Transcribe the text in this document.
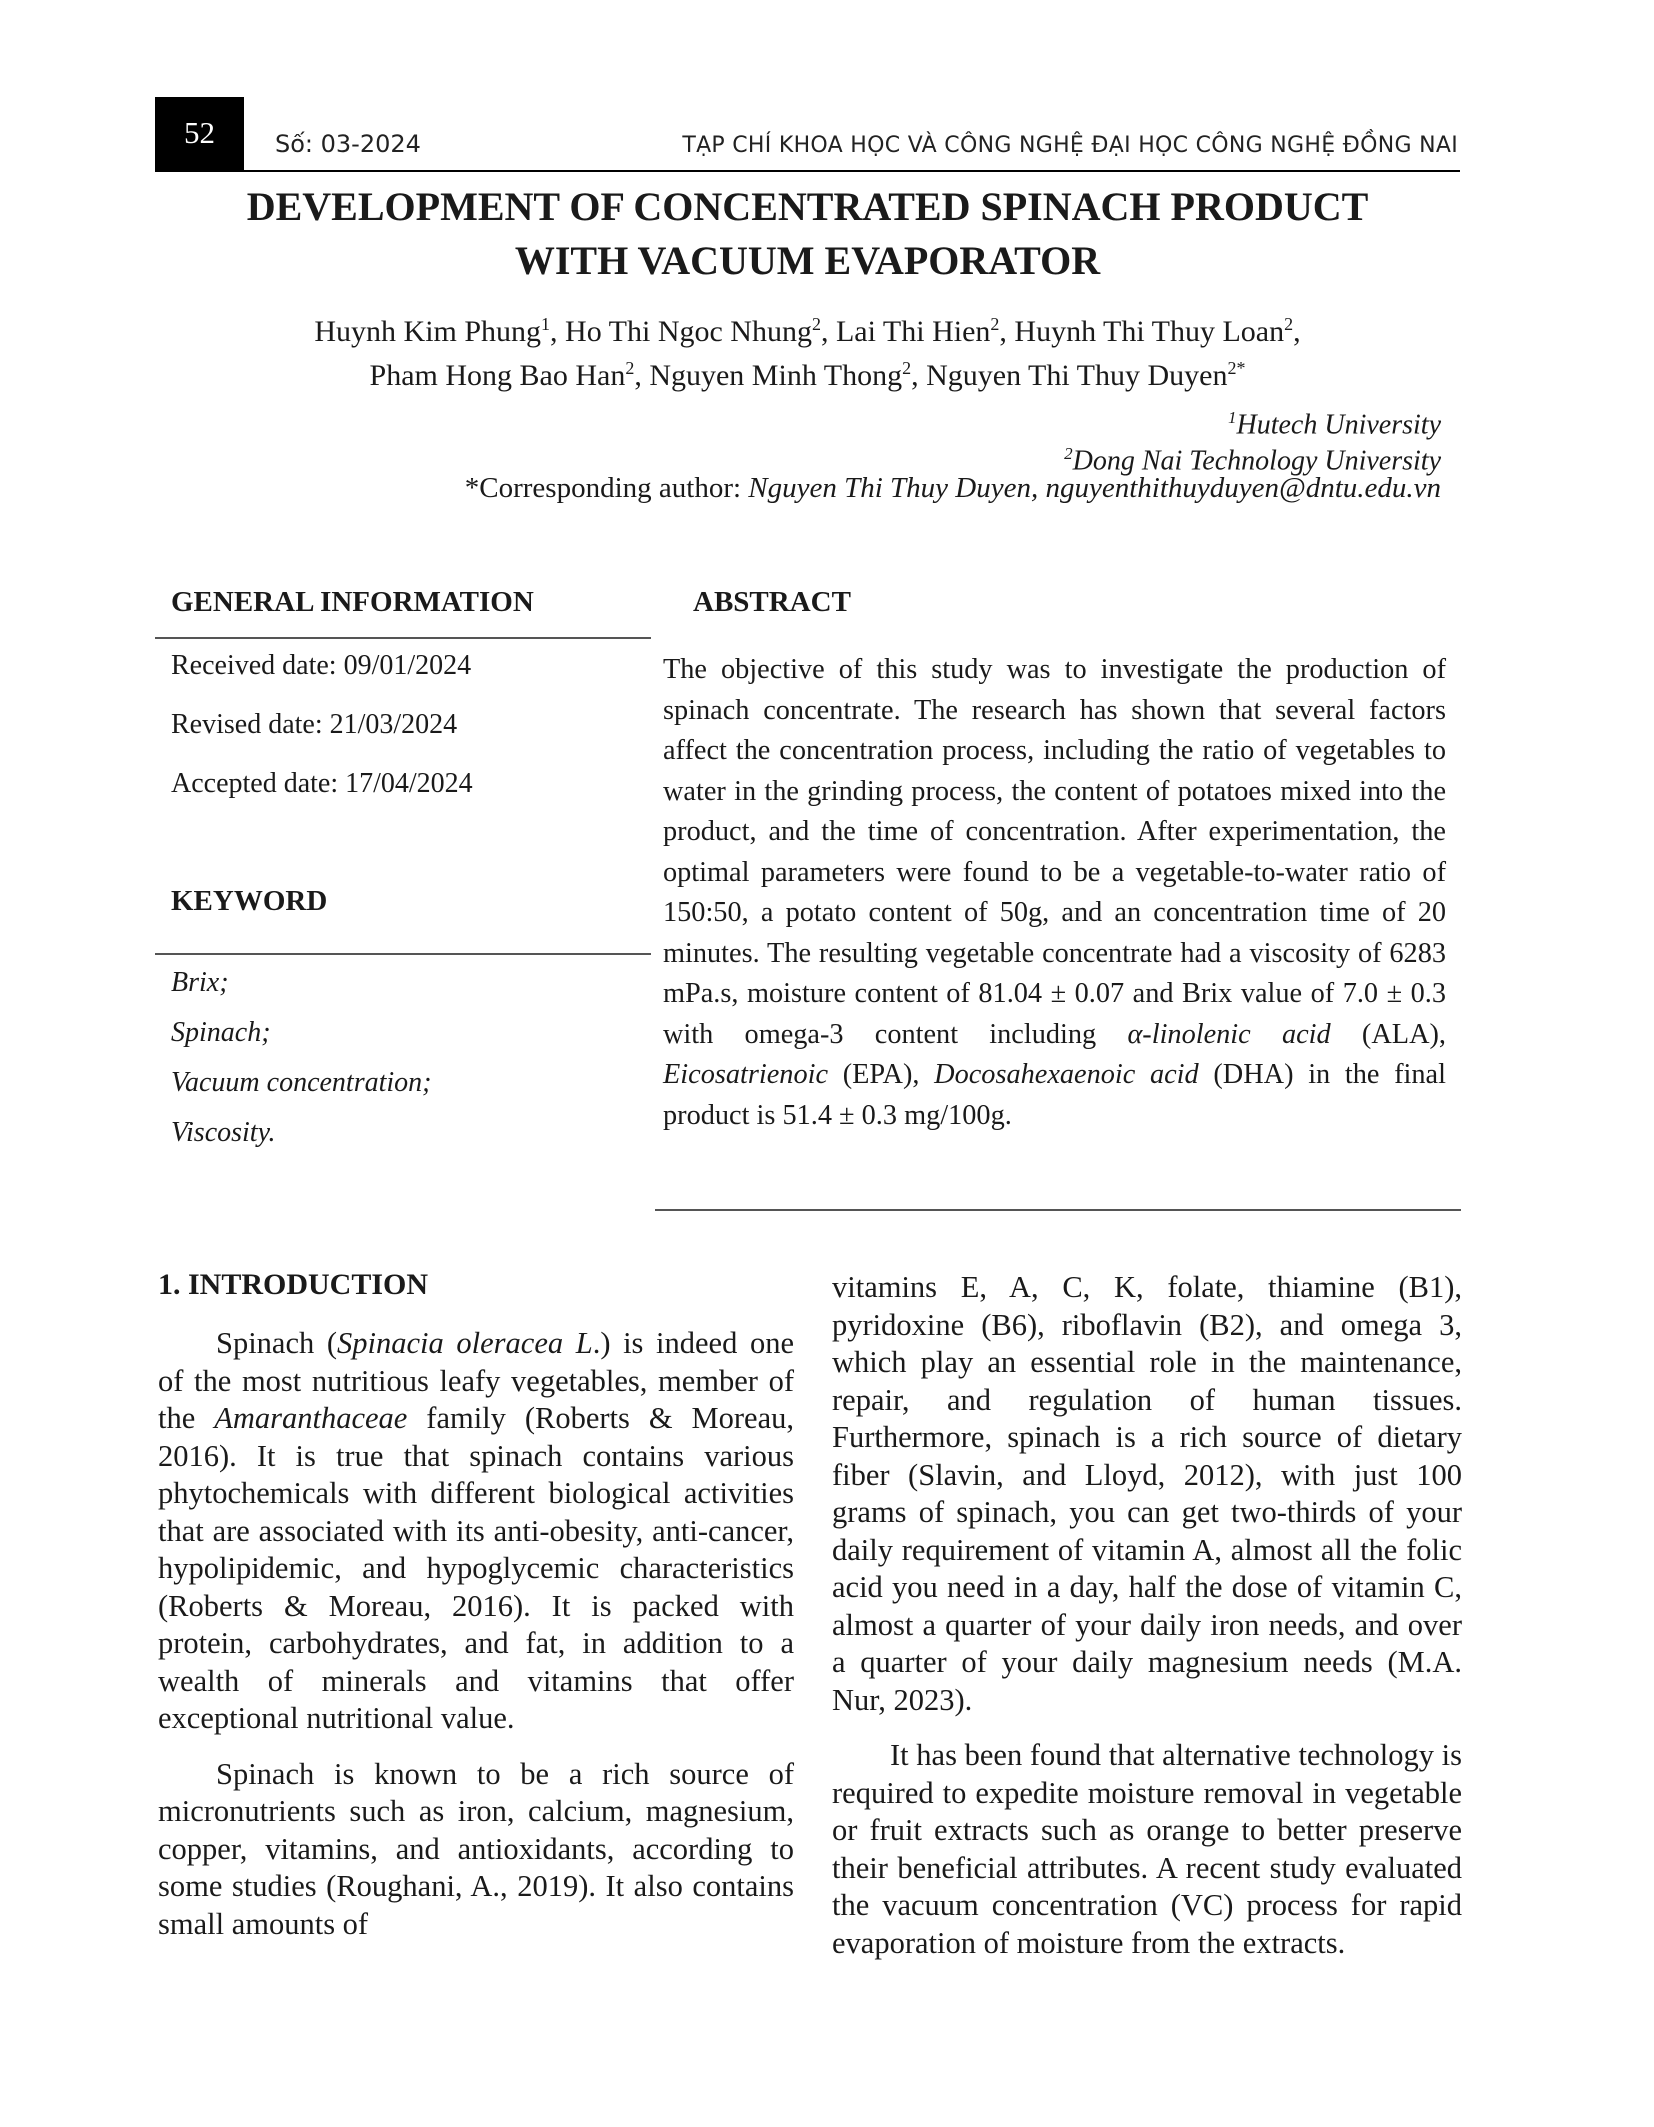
52	Số: 03-2024	TẠP CHÍ KHOA HỌC VÀ CÔNG NGHỆ ĐẠI HỌC CÔNG NGHỆ ĐỒNG NAI
DEVELOPMENT OF CONCENTRATED SPINACH PRODUCT
WITH VACUUM EVAPORATOR
Huynh Kim Phung$^1$, Ho Thi Ngoc Nhung$^2$, Lai Thi Hien$^2$, Huynh Thi Thuy Loan$^2$,
Pham Hong Bao Han$^2$, Nguyen Minh Thong$^2$, Nguyen Thi Thuy Duyen$^{2*}$
$^1$Hutech University
$^2$Dong Nai Technology University
*Corresponding author: Nguyen Thi Thuy Duyen, nguyenthithuyduyen@dntu.edu.vn
GENERAL INFORMATION
Received date: 09/01/2024
Revised date: 21/03/2024
Accepted date: 17/04/2024
KEYWORD
Brix;
Spinach;
Vacuum concentration;
Viscosity.
ABSTRACT
The objective of this study was to investigate the production of spinach concentrate. The research has shown that several factors affect the concentration process, including the ratio of vegetables to water in the grinding process, the content of potatoes mixed into the product, and the time of concentration. After experimentation, the optimal parameters were found to be a vegetable-to-water ratio of 150:50, a potato content of 50g, and an concentration time of 20 minutes. The resulting vegetable concentrate had a viscosity of 6283 mPa.s, moisture content of 81.04 ± 0.07 and Brix value of 7.0 ± 0.3 with omega-3 content including α-linolenic acid (ALA), Eicosatrienoic (EPA), Docosahexaenoic acid (DHA) in the final product is 51.4 ± 0.3 mg/100g.
1. INTRODUCTION

Spinach (Spinacia oleracea L.) is indeed one of the most nutritious leafy vegetables, member of the Amaranthaceae family (Roberts & Moreau, 2016). It is true that spinach contains various phytochemicals with different biological activities that are associated with its anti-obesity, anti-cancer, hypolipidemic, and hypoglycemic characteristics (Roberts & Moreau, 2016). It is packed with protein, carbohydrates, and fat, in addition to a wealth of minerals and vitamins that offer exceptional nutritional value.

Spinach is known to be a rich source of micronutrients such as iron, calcium, magnesium, copper, vitamins, and antioxidants, according to some studies (Roughani, A., 2019). It also contains small amounts of

vitamins E, A, C, K, folate, thiamine (B1), pyridoxine (B6), riboflavin (B2), and omega 3, which play an essential role in the maintenance, repair, and regulation of human tissues. Furthermore, spinach is a rich source of dietary fiber (Slavin, and Lloyd, 2012), with just 100 grams of spinach, you can get two-thirds of your daily requirement of vitamin A, almost all the folic acid you need in a day, half the dose of vitamin C, almost a quarter of your daily iron needs, and over a quarter of your daily magnesium needs (M.A. Nur, 2023).

It has been found that alternative technology is required to expedite moisture removal in vegetable or fruit extracts such as orange to better preserve their beneficial attributes. A recent study evaluated the vacuum concentration (VC) process for rapid evaporation of moisture from the extracts.
